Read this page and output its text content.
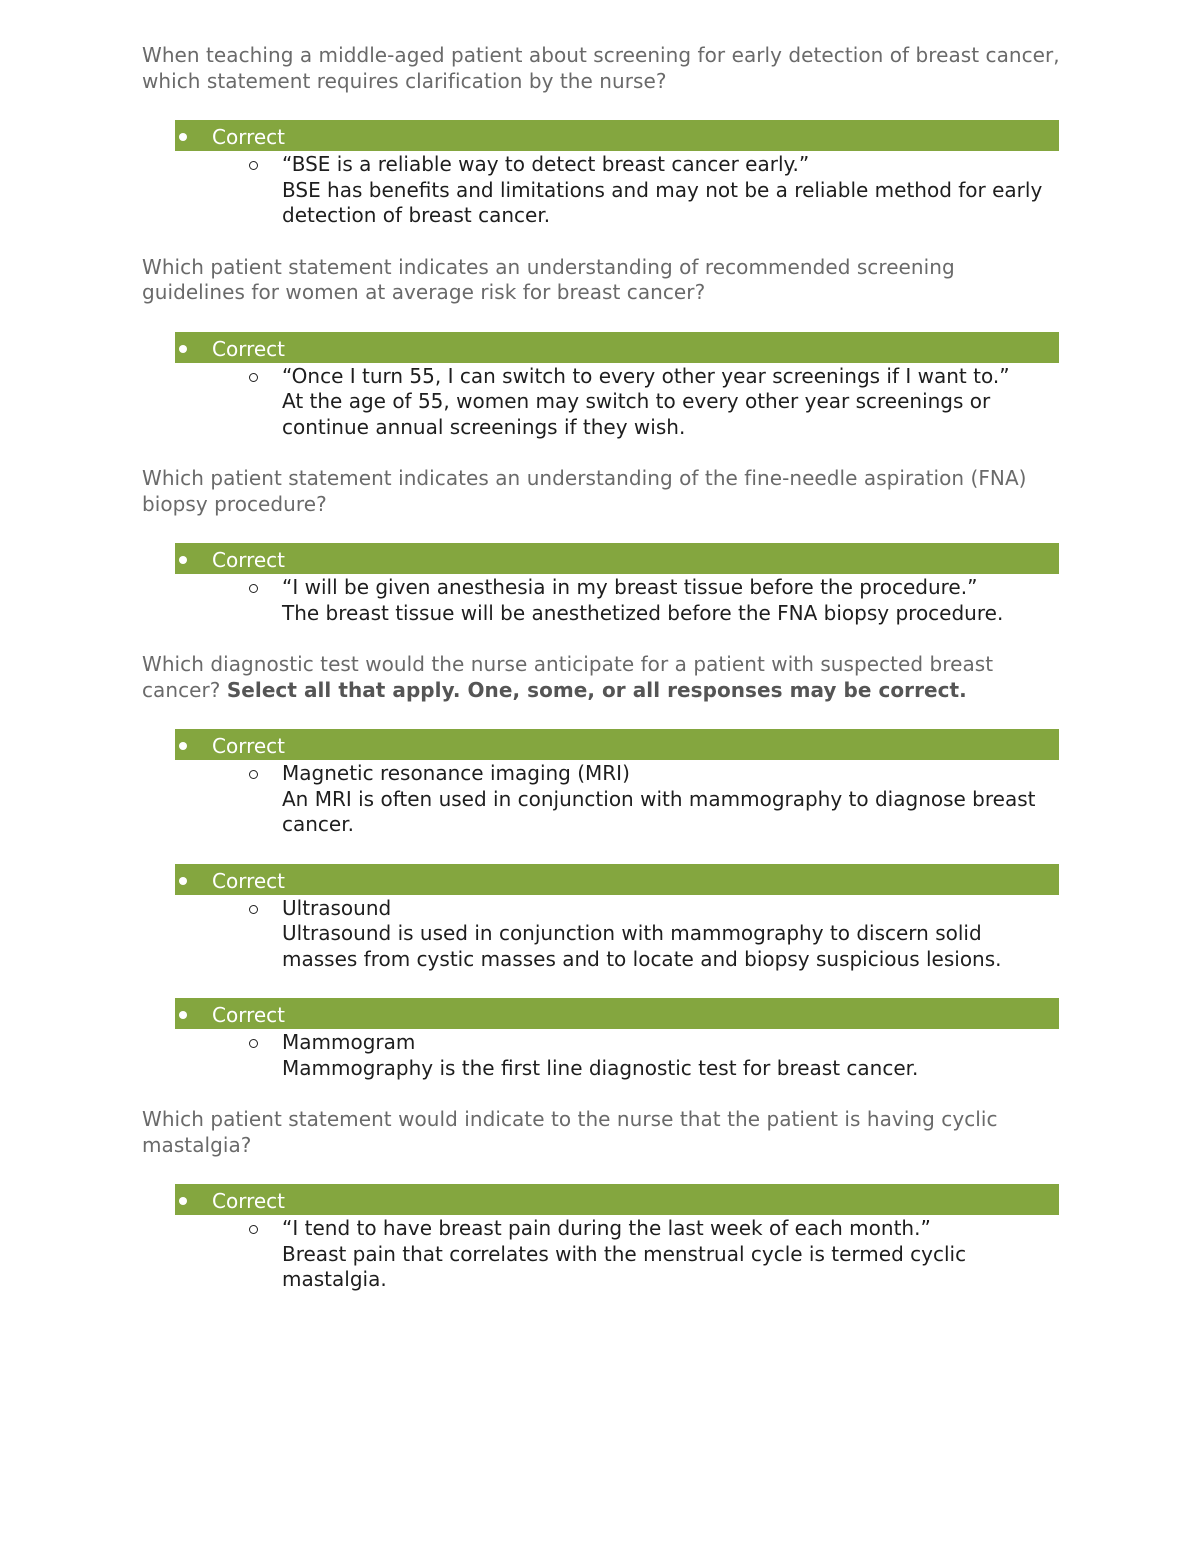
When teaching a middle-aged patient about screening for early detection of breast cancer, which statement requires clarification by the nurse?

Correct

“BSE is a reliable way to detect breast cancer early.”

BSE has benefits and limitations and may not be a reliable method for early detection of breast cancer.

Which patient statement indicates an understanding of recommended screening guidelines for women at average risk for breast cancer?

Correct

“Once I turn 55, I can switch to every other year screenings if I want to.”

At the age of 55, women may switch to every other year screenings or continue annual screenings if they wish.

Which patient statement indicates an understanding of the fine-needle aspiration (FNA) biopsy procedure?

Correct

“I will be given anesthesia in my breast tissue before the procedure.”

The breast tissue will be anesthetized before the FNA biopsy procedure.

Which diagnostic test would the nurse anticipate for a patient with suspected breast cancer? Select all that apply. One, some, or all responses may be correct.

Correct

Magnetic resonance imaging (MRI)

An MRI is often used in conjunction with mammography to diagnose breast cancer.

Correct

Ultrasound

Ultrasound is used in conjunction with mammography to discern solid masses from cystic masses and to locate and biopsy suspicious lesions.

Correct

Mammogram

Mammography is the first line diagnostic test for breast cancer.

Which patient statement would indicate to the nurse that the patient is having cyclic mastalgia?

Correct

“I tend to have breast pain during the last week of each month.”

Breast pain that correlates with the menstrual cycle is termed cyclic mastalgia.
